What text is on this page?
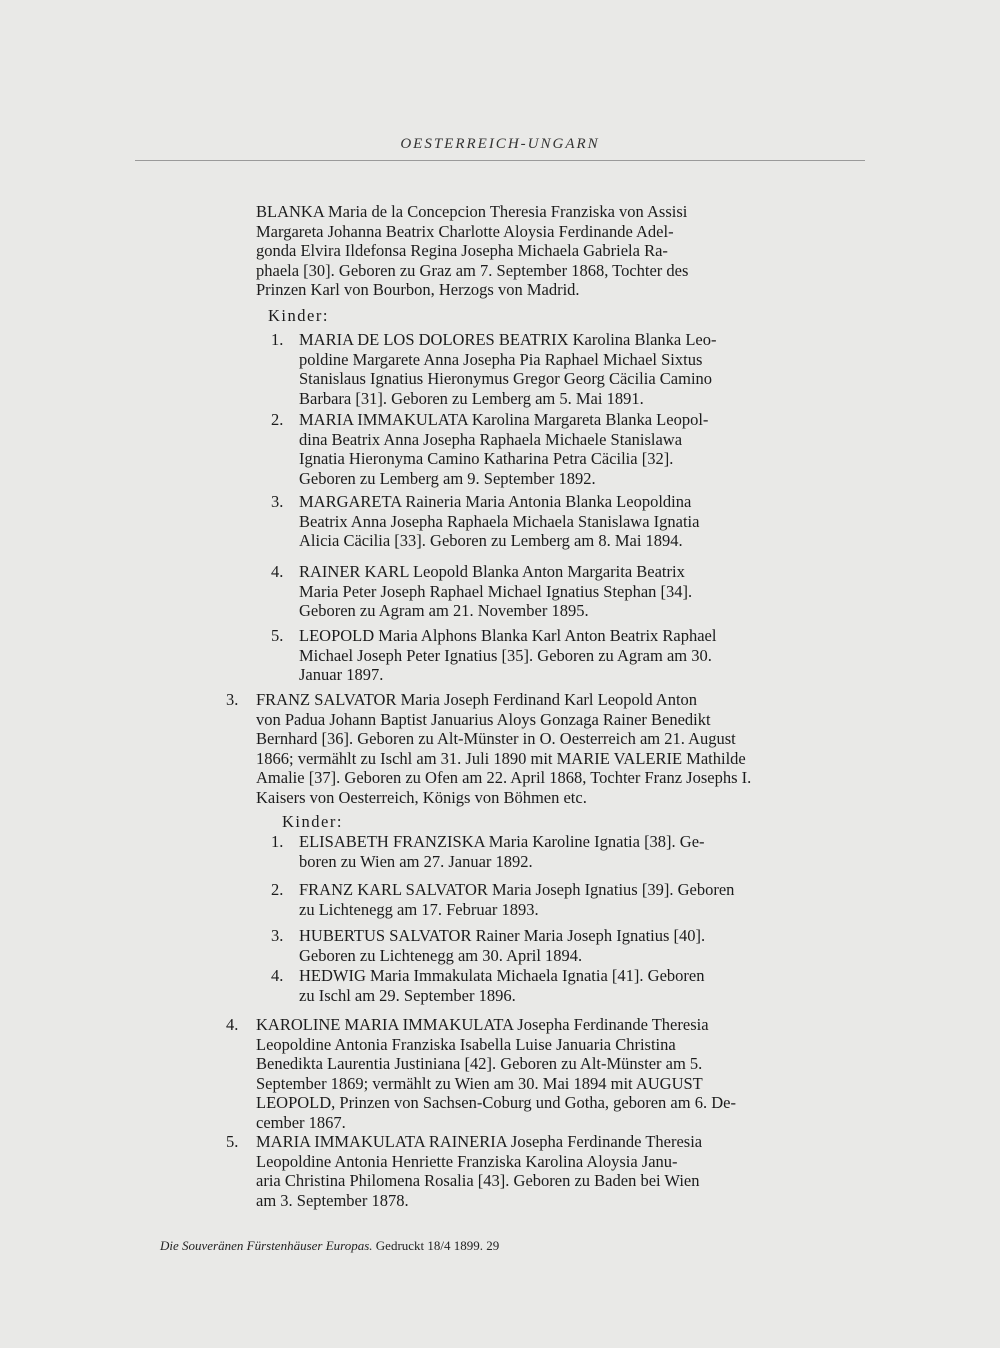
OESTERREICH-UNGARN
BLANKA Maria de la Concepcion Theresia Franziska von Assisi
Margareta Johanna Beatrix Charlotte Aloysia Ferdinande Adel-
gonda Elvira Ildefonsa Regina Josepha Michaela Gabriela Ra-
phaela [30]. Geboren zu Graz am 7. September 1868, Tochter des
Prinzen Karl von Bourbon, Herzogs von Madrid.
Kinder:
1. MARIA DE LOS DOLORES BEATRIX Karolina Blanka Leo-
poldine Margarete Anna Josepha Pia Raphael Michael Sixtus
Stanislaus Ignatius Hieronymus Gregor Georg Cäcilia Camino
Barbara [31]. Geboren zu Lemberg am 5. Mai 1891.
2. MARIA IMMAKULATA Karolina Margareta Blanka Leopol-
dina Beatrix Anna Josepha Raphaela Michaele Stanislawa
Ignatia Hieronyma Camino Katharina Petra Cäcilia [32].
Geboren zu Lemberg am 9. September 1892.
3. MARGARETA Raineria Maria Antonia Blanka Leopoldina
Beatrix Anna Josepha Raphaela Michaela Stanislawa Ignatia
Alicia Cäcilia [33]. Geboren zu Lemberg am 8. Mai 1894.
4. RAINER KARL Leopold Blanka Anton Margarita Beatrix
Maria Peter Joseph Raphael Michael Ignatius Stephan [34].
Geboren zu Agram am 21. November 1895.
5. LEOPOLD Maria Alphons Blanka Karl Anton Beatrix Raphael
Michael Joseph Peter Ignatius [35]. Geboren zu Agram am 30.
Januar 1897.
3. FRANZ SALVATOR Maria Joseph Ferdinand Karl Leopold Anton
von Padua Johann Baptist Januarius Aloys Gonzaga Rainer Benedikt
Bernhard [36]. Geboren zu Alt-Münster in O. Oesterreich am 21. August
1866; vermählt zu Ischl am 31. Juli 1890 mit MARIE VALERIE Mathilde
Amalie [37]. Geboren zu Ofen am 22. April 1868, Tochter Franz Josephs I.
Kaisers von Oesterreich, Königs von Böhmen etc.
Kinder:
1. ELISABETH FRANZISKA Maria Karoline Ignatia [38]. Ge-
boren zu Wien am 27. Januar 1892.
2. FRANZ KARL SALVATOR Maria Joseph Ignatius [39]. Geboren
zu Lichtenegg am 17. Februar 1893.
3. HUBERTUS SALVATOR Rainer Maria Joseph Ignatius [40].
Geboren zu Lichtenegg am 30. April 1894.
4. HEDWIG Maria Immakulata Michaela Ignatia [41]. Geboren
zu Ischl am 29. September 1896.
4. KAROLINE MARIA IMMAKULATA Josepha Ferdinande Theresia
Leopoldine Antonia Franziska Isabella Luise Januaria Christina
Benedikta Laurentia Justiniana [42]. Geboren zu Alt-Münster am 5.
September 1869; vermählt zu Wien am 30. Mai 1894 mit AUGUST
LEOPOLD, Prinzen von Sachsen-Coburg und Gotha, geboren am 6. De-
cember 1867.
5. MARIA IMMAKULATA RAINERIA Josepha Ferdinande Theresia
Leopoldine Antonia Henriette Franziska Karolina Aloysia Janu-
aria Christina Philomena Rosalia [43]. Geboren zu Baden bei Wien
am 3. September 1878.
Die Souveränen Fürstenhäuser Europas. Gedruckt 18/4 1899. 29
